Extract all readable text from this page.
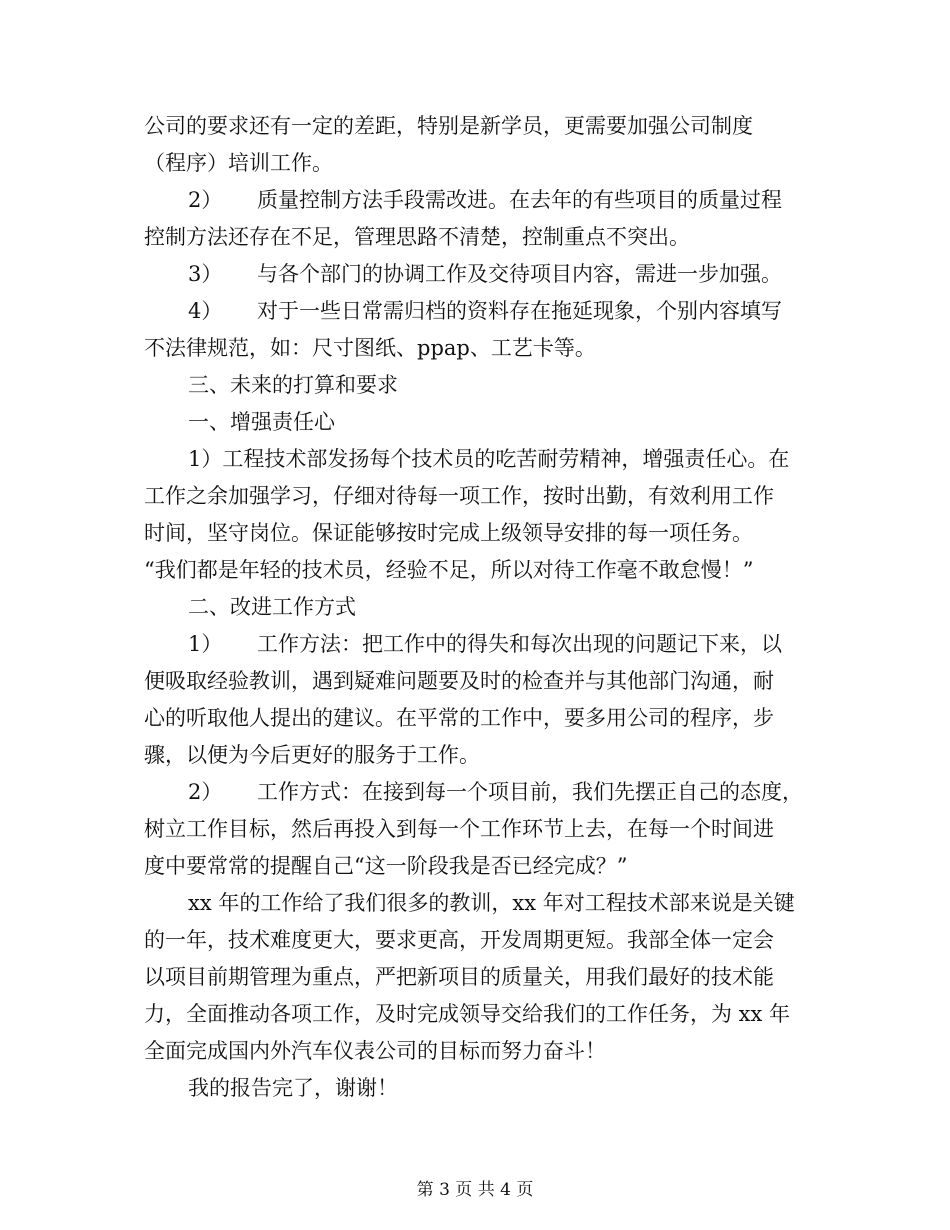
公司的要求还有一定的差距，特别是新学员，更需要加强公司制度
（程序）培训工作。
2） 质量控制方法手段需改进。在去年的有些项目的质量过程
控制方法还存在不足，管理思路不清楚，控制重点不突出。
3） 与各个部门的协调工作及交待项目内容，需进一步加强。
4） 对于一些日常需归档的资料存在拖延现象，个别内容填写
不法律规范，如：尺寸图纸、ppap、工艺卡等。
三、未来的打算和要求
一、增强责任心
1）工程技术部发扬每个技术员的吃苦耐劳精神，增强责任心。在
工作之余加强学习，仔细对待每一项工作，按时出勤，有效利用工作
时间，坚守岗位。保证能够按时完成上级领导安排的每一项任务。
“我们都是年轻的技术员，经验不足，所以对待工作毫不敢怠慢！”
二、改进工作方式
1） 工作方法：把工作中的得失和每次出现的问题记下来，以
便吸取经验教训，遇到疑难问题要及时的检查并与其他部门沟通，耐
心的听取他人提出的建议。在平常的工作中，要多用公司的程序，步
骤，以便为今后更好的服务于工作。
2） 工作方式：在接到每一个项目前，我们先摆正自己的态度，
树立工作目标，然后再投入到每一个工作环节上去，在每一个时间进
度中要常常的提醒自己“这一阶段我是否已经完成？”
xx 年的工作给了我们很多的教训，xx 年对工程技术部来说是关键
的一年，技术难度更大，要求更高，开发周期更短。我部全体一定会
以项目前期管理为重点，严把新项目的质量关，用我们最好的技术能
力，全面推动各项工作，及时完成领导交给我们的工作任务，为 xx 年
全面完成国内外汽车仪表公司的目标而努力奋斗！
我的报告完了，谢谢！
第 3 页 共 4 页
